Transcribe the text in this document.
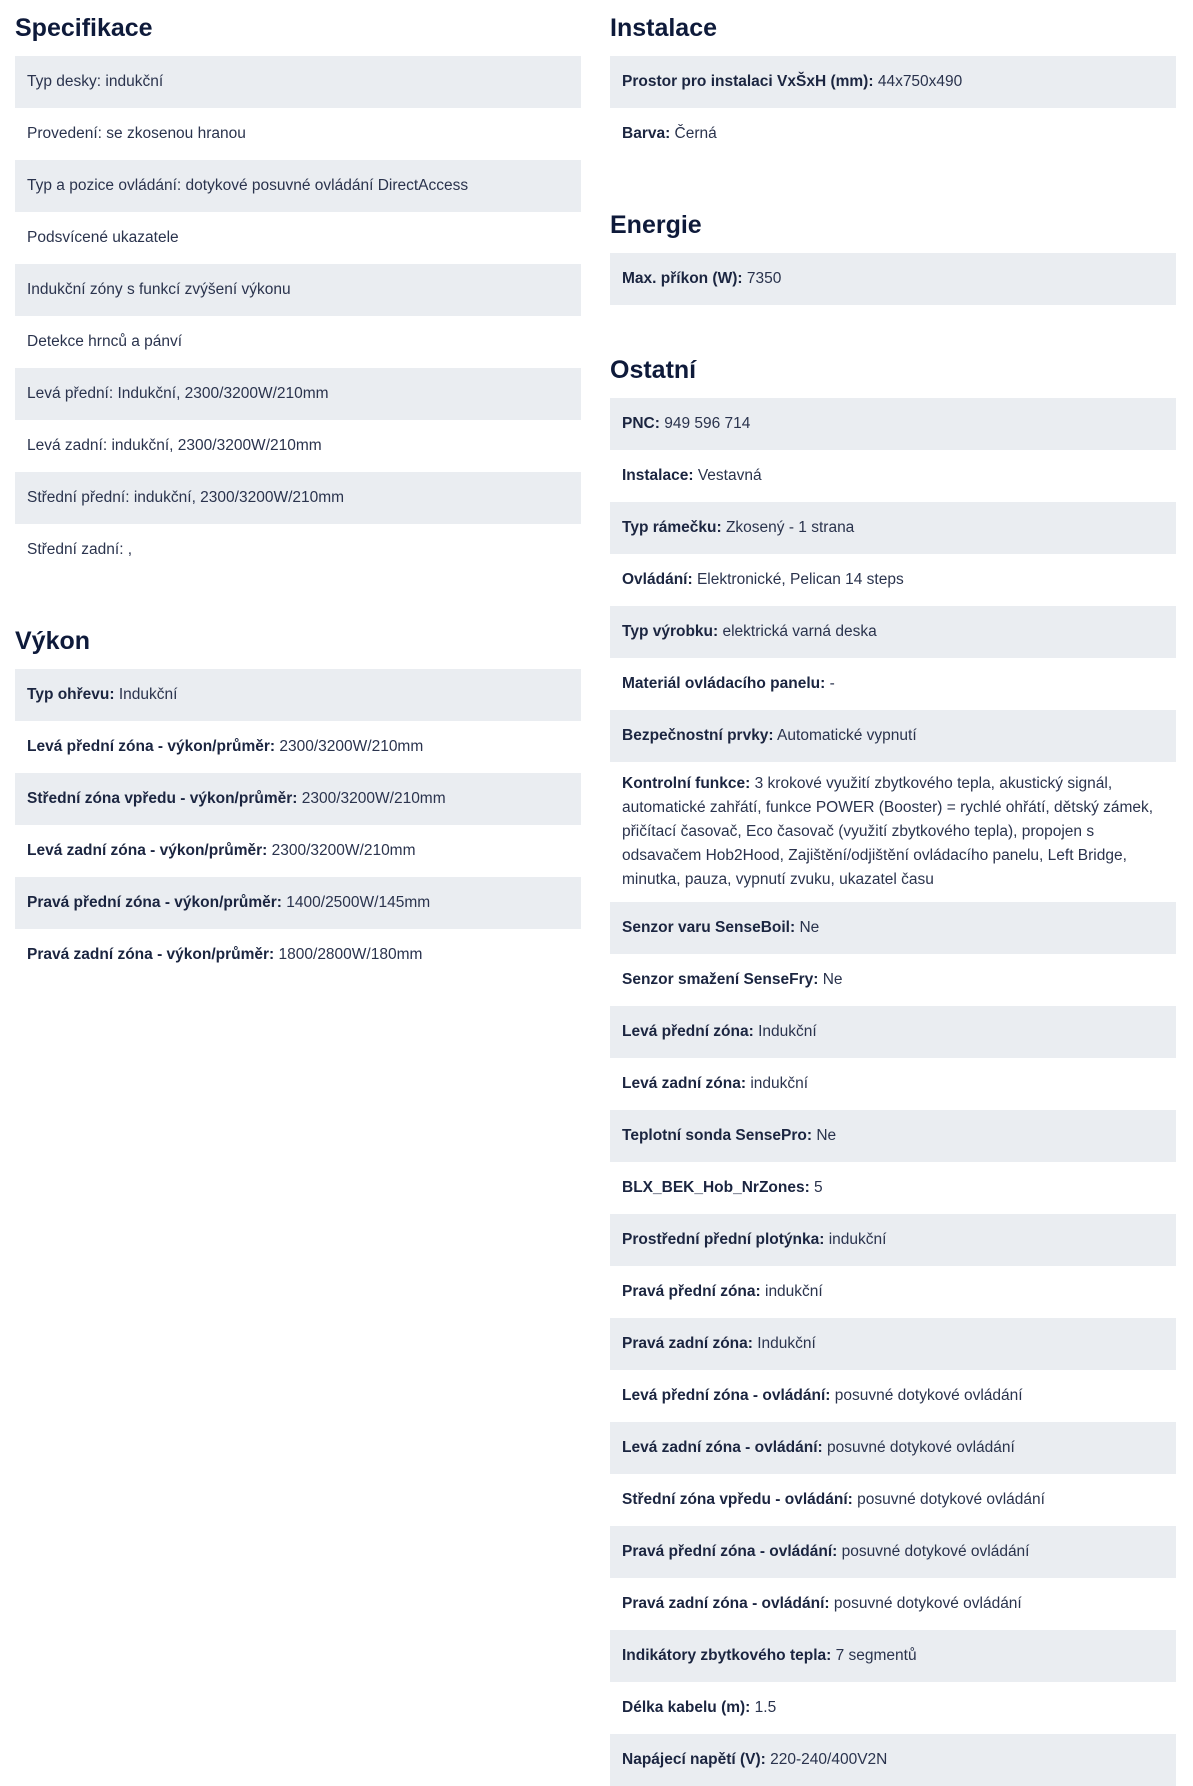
Specifikace
Typ desky: indukční
Provedení: se zkosenou hranou
Typ a pozice ovládání: dotykové posuvné ovládání DirectAccess
Podsvícené ukazatele
Indukční zóny s funkcí zvýšení výkonu
Detekce hrnců a pánví
Levá přední: Indukční, 2300/3200W/210mm
Levá zadní: indukční, 2300/3200W/210mm
Střední přední: indukční, 2300/3200W/210mm
Střední zadní: ,
Výkon
Typ ohřevu: Indukční
Levá přední zóna - výkon/průměr: 2300/3200W/210mm
Střední zóna vpředu - výkon/průměr: 2300/3200W/210mm
Levá zadní zóna - výkon/průměr: 2300/3200W/210mm
Pravá přední zóna - výkon/průměr: 1400/2500W/145mm
Pravá zadní zóna - výkon/průměr: 1800/2800W/180mm
Instalace
Prostor pro instalaci VxŠxH (mm): 44x750x490
Barva: Černá
Energie
Max. příkon (W): 7350
Ostatní
PNC: 949 596 714
Instalace: Vestavná
Typ rámečku: Zkosený - 1 strana
Ovládání: Elektronické, Pelican 14 steps
Typ výrobku: elektrická varná deska
Materiál ovládacího panelu: -
Bezpečnostní prvky: Automatické vypnutí
Kontrolní funkce: 3 krokové využití zbytkového tepla, akustický signál, automatické zahřátí, funkce POWER (Booster) = rychlé ohřátí, dětský zámek, přičítací časovač, Eco časovač (využití zbytkového tepla), propojen s odsavačem Hob2Hood, Zajištění/odjištění ovládacího panelu, Left Bridge, minutka, pauza, vypnutí zvuku, ukazatel času
Senzor varu SenseBoil: Ne
Senzor smažení SenseFry: Ne
Levá přední zóna: Indukční
Levá zadní zóna: indukční
Teplotní sonda SensePro: Ne
BLX_BEK_Hob_NrZones: 5
Prostřední přední plotýnka: indukční
Pravá přední zóna: indukční
Pravá zadní zóna: Indukční
Levá přední zóna - ovládání: posuvné dotykové ovládání
Levá zadní zóna - ovládání: posuvné dotykové ovládání
Střední zóna vpředu - ovládání: posuvné dotykové ovládání
Pravá přední zóna - ovládání: posuvné dotykové ovládání
Pravá zadní zóna - ovládání: posuvné dotykové ovládání
Indikátory zbytkového tepla: 7 segmentů
Délka kabelu (m): 1.5
Napájecí napětí (V): 220-240/400V2N
